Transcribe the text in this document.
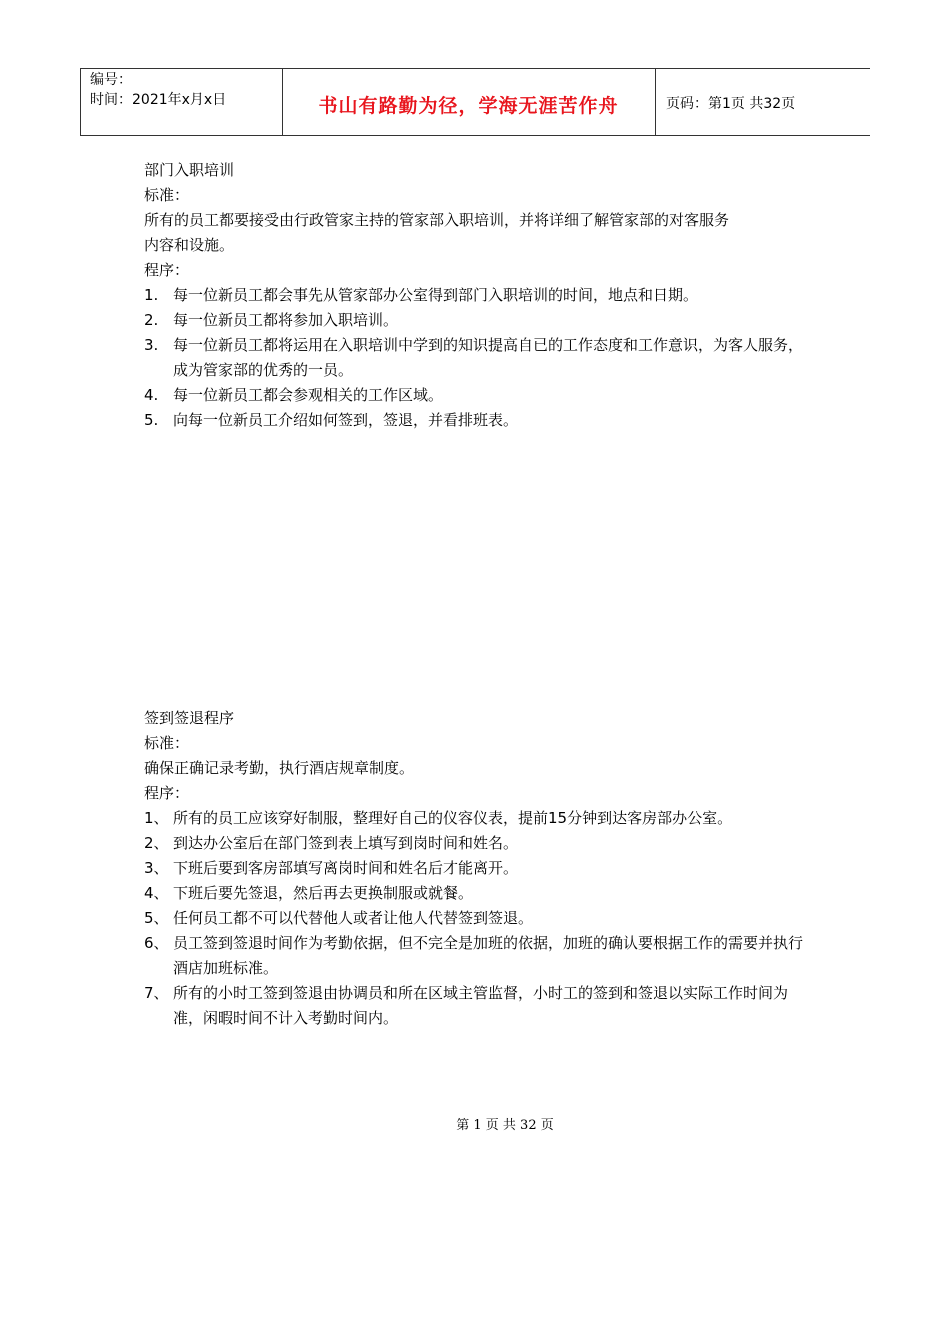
编号：
时间：2021年x月x日	书山有路勤为径，学海无涯苦作舟	页码：第1页 共32页
部门入职培训
标准：
所有的员工都要接受由行政管家主持的管家部入职培训，并将详细了解管家部的对客服务
内容和设施。
程序：
1. 每一位新员工都会事先从管家部办公室得到部门入职培训的时间，地点和日期。
2. 每一位新员工都将参加入职培训。
3. 每一位新员工都将运用在入职培训中学到的知识提高自已的工作态度和工作意识，为客人服务，成为管家部的优秀的一员。
4. 每一位新员工都会参观相关的工作区域。
5. 向每一位新员工介绍如何签到，签退，并看排班表。
签到签退程序
标准：
确保正确记录考勤，执行酒店规章制度。
程序：
1、 所有的员工应该穿好制服，整理好自己的仪容仪表，提前15分钟到达客房部办公室。
2、 到达办公室后在部门签到表上填写到岗时间和姓名。
3、 下班后要到客房部填写离岗时间和姓名后才能离开。
4、 下班后要先签退，然后再去更换制服或就餐。
5、 任何员工都不可以代替他人或者让他人代替签到签退。
6、 员工签到签退时间作为考勤依据，但不完全是加班的依据，加班的确认要根据工作的需要并执行酒店加班标准。
7、 所有的小时工签到签退由协调员和所在区域主管监督，小时工的签到和签退以实际工作时间为准，闲暇时间不计入考勤时间内。
第 1 页 共 32 页
